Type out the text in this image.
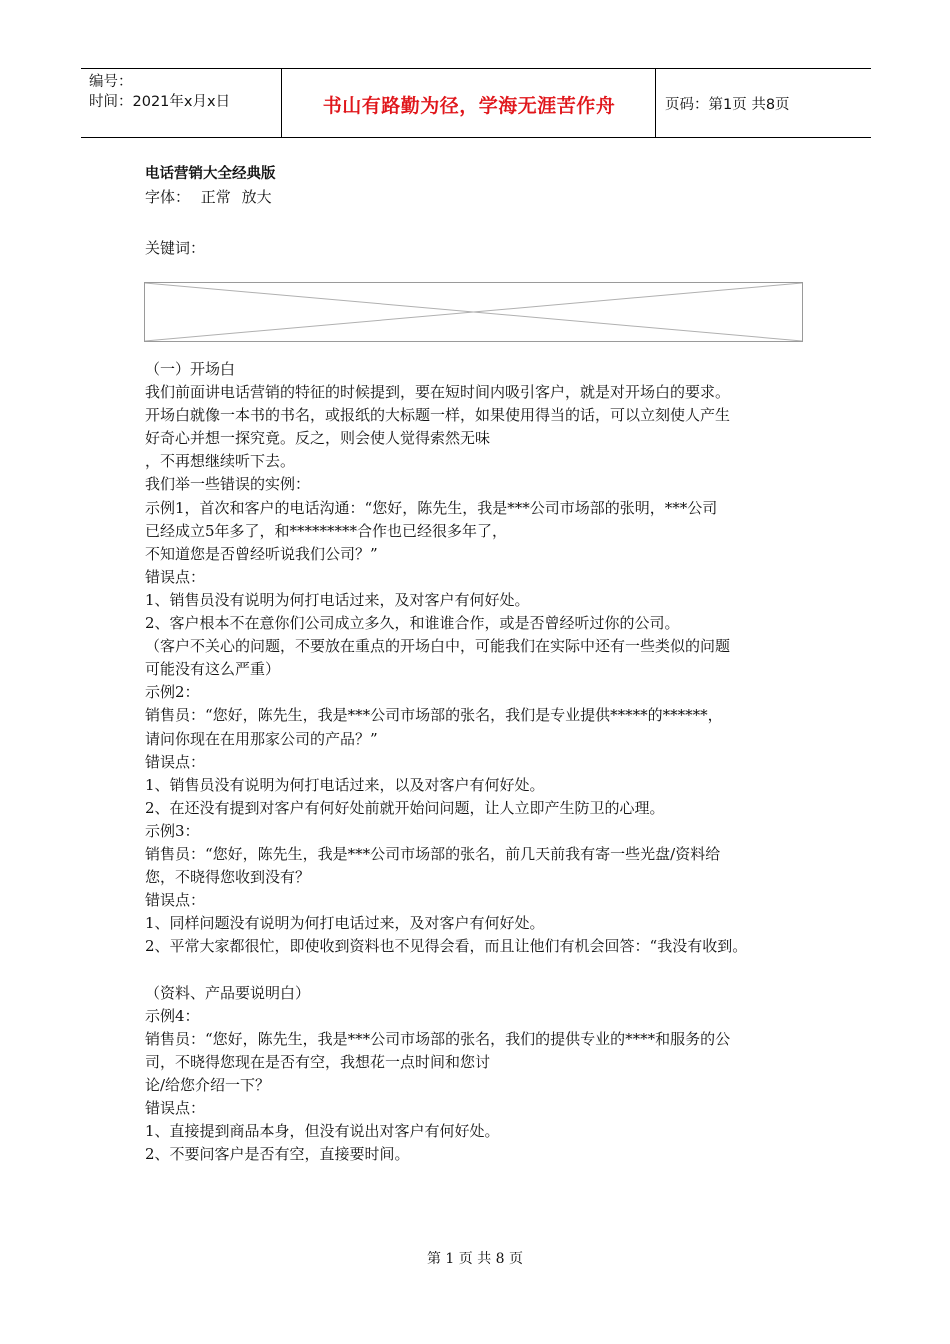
编号：
时间：2021年x月x日	书山有路勤为径，学海无涯苦作舟	页码：第1页 共8页
电话营销大全经典版
字体： 正常 放大
关键词：

（一）开场白

我们前面讲电话营销的特征的时候提到，要在短时间内吸引客户，就是对开场白的要求。

开场白就像一本书的书名，或报纸的大标题一样，如果使用得当的话，可以立刻使人产生

好奇心并想一探究竟。反之，则会使人觉得索然无味

，不再想继续听下去。

我们举一些错误的实例：

示例1，首次和客户的电话沟通：“您好，陈先生，我是***公司市场部的张明，***公司

已经成立5年多了，和*********合作也已经很多年了，

不知道您是否曾经听说我们公司？”

错误点：

1、销售员没有说明为何打电话过来，及对客户有何好处。

2、客户根本不在意你们公司成立多久，和谁谁合作，或是否曾经听过你的公司。

（客户不关心的问题，不要放在重点的开场白中，可能我们在实际中还有一些类似的问题

可能没有这么严重）

示例2：

销售员：“您好，陈先生，我是***公司市场部的张名，我们是专业提供*****的******，

请问你现在在用那家公司的产品？”

错误点：

1、销售员没有说明为何打电话过来，以及对客户有何好处。

2、在还没有提到对客户有何好处前就开始问问题，让人立即产生防卫的心理。

示例3：

销售员：“您好，陈先生，我是***公司市场部的张名，前几天前我有寄一些光盘/资料给

您，不晓得您收到没有？

错误点：

1、同样问题没有说明为何打电话过来，及对客户有何好处。

2、平常大家都很忙，即使收到资料也不见得会看，而且让他们有机会回答：“我没有收到。

（资料、产品要说明白）

示例4：

销售员：“您好，陈先生，我是***公司市场部的张名，我们的提供专业的****和服务的公

司，不晓得您现在是否有空，我想花一点时间和您讨

论/给您介绍一下？

错误点：

1、直接提到商品本身，但没有说出对客户有何好处。

2、不要问客户是否有空，直接要时间。

第 1 页 共 8 页
